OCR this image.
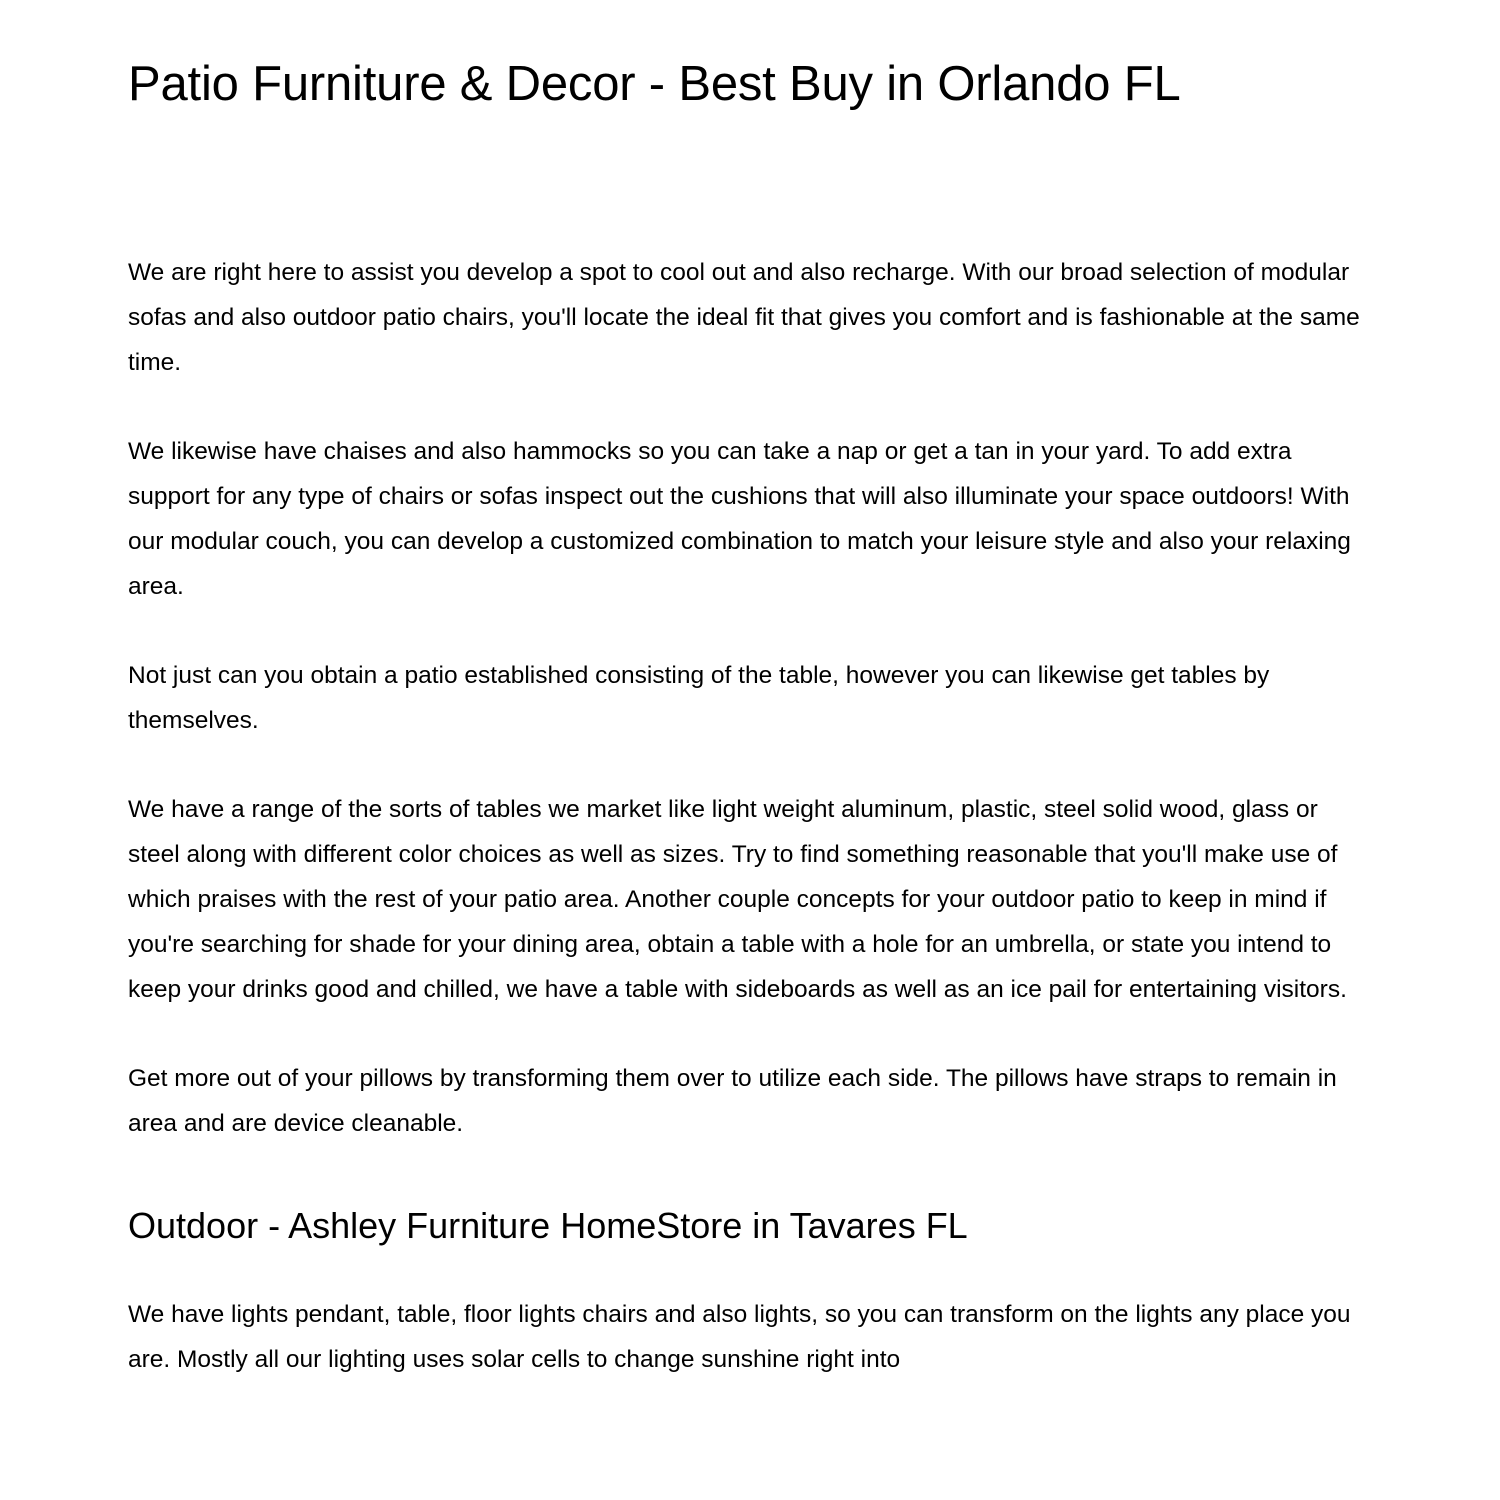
Patio Furniture & Decor - Best Buy in Orlando FL

We are right here to assist you develop a spot to cool out and also recharge. With our broad selection of modular sofas and also outdoor patio chairs, you'll locate the ideal fit that gives you comfort and is fashionable at the same time.

We likewise have chaises and also hammocks so you can take a nap or get a tan in your yard. To add extra support for any type of chairs or sofas inspect out the cushions that will also illuminate your space outdoors! With our modular couch, you can develop a customized combination to match your leisure style and also your relaxing area.

Not just can you obtain a patio established consisting of the table, however you can likewise get tables by themselves.

We have a range of the sorts of tables we market like light weight aluminum, plastic, steel solid wood, glass or steel along with different color choices as well as sizes. Try to find something reasonable that you'll make use of which praises with the rest of your patio area. Another couple concepts for your outdoor patio to keep in mind if you're searching for shade for your dining area, obtain a table with a hole for an umbrella, or state you intend to keep your drinks good and chilled, we have a table with sideboards as well as an ice pail for entertaining visitors.

Get more out of your pillows by transforming them over to utilize each side. The pillows have straps to remain in area and are device cleanable.

Outdoor - Ashley Furniture HomeStore in Tavares FL

We have lights pendant, table, floor lights chairs and also lights, so you can transform on the lights any place you are. Mostly all our lighting uses solar cells to change sunshine right into
